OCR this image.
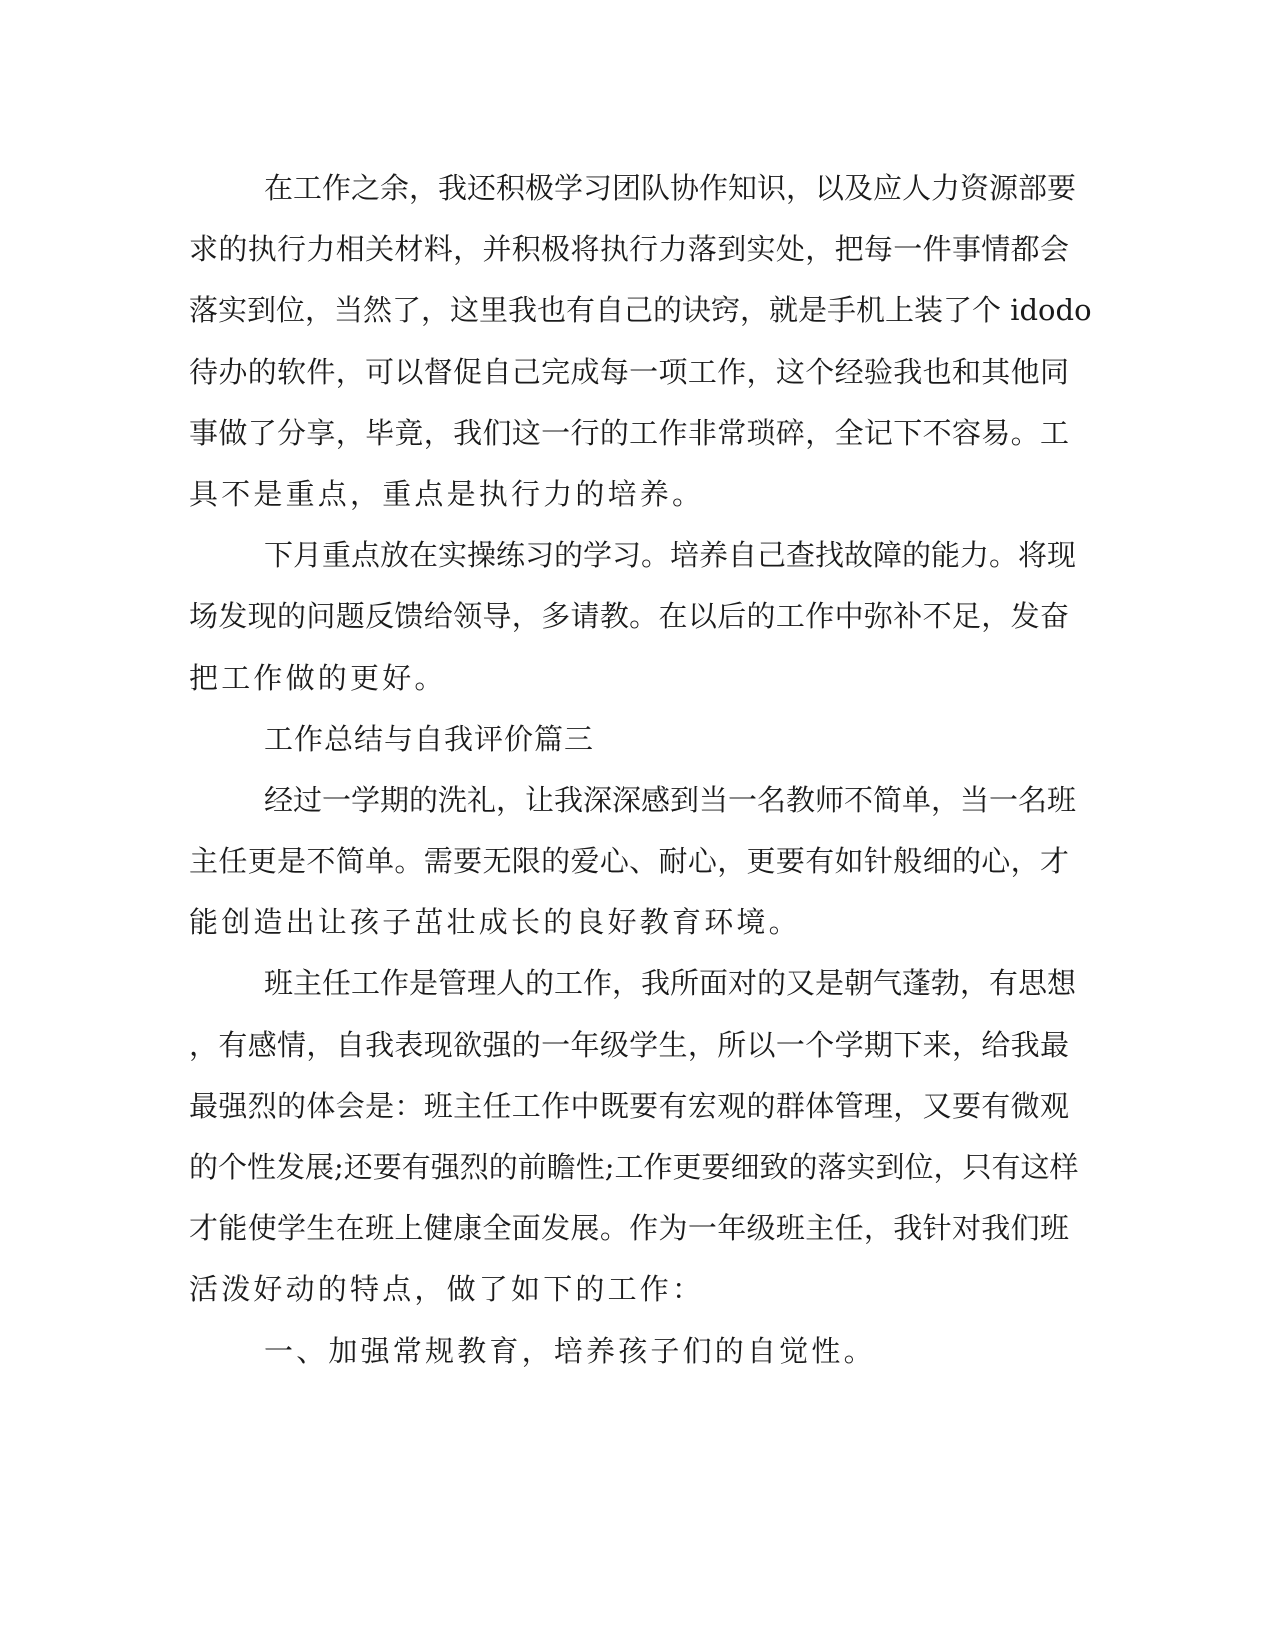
在工作之余，我还积极学习团队协作知识，以及应人力资源部要
求的执行力相关材料，并积极将执行力落到实处，把每一件事情都会
落实到位，当然了，这里我也有自己的诀窍，就是手机上装了个 idodo
待办的软件，可以督促自己完成每一项工作，这个经验我也和其他同
事做了分享，毕竟，我们这一行的工作非常琐碎，全记下不容易。工
具不是重点，重点是执行力的培养。
下月重点放在实操练习的学习。培养自己查找故障的能力。将现
场发现的问题反馈给领导，多请教。在以后的工作中弥补不足，发奋
把工作做的更好。
工作总结与自我评价篇三
经过一学期的洗礼，让我深深感到当一名教师不简单，当一名班
主任更是不简单。需要无限的爱心、耐心，更要有如针般细的心，才
能创造出让孩子茁壮成长的良好教育环境。
班主任工作是管理人的工作，我所面对的又是朝气蓬勃，有思想
，有感情，自我表现欲强的一年级学生，所以一个学期下来，给我最
最强烈的体会是：班主任工作中既要有宏观的群体管理，又要有微观
的个性发展;还要有强烈的前瞻性;工作更要细致的落实到位，只有这样
才能使学生在班上健康全面发展。作为一年级班主任，我针对我们班
活泼好动的特点，做了如下的工作：
一、加强常规教育，培养孩子们的自觉性。
